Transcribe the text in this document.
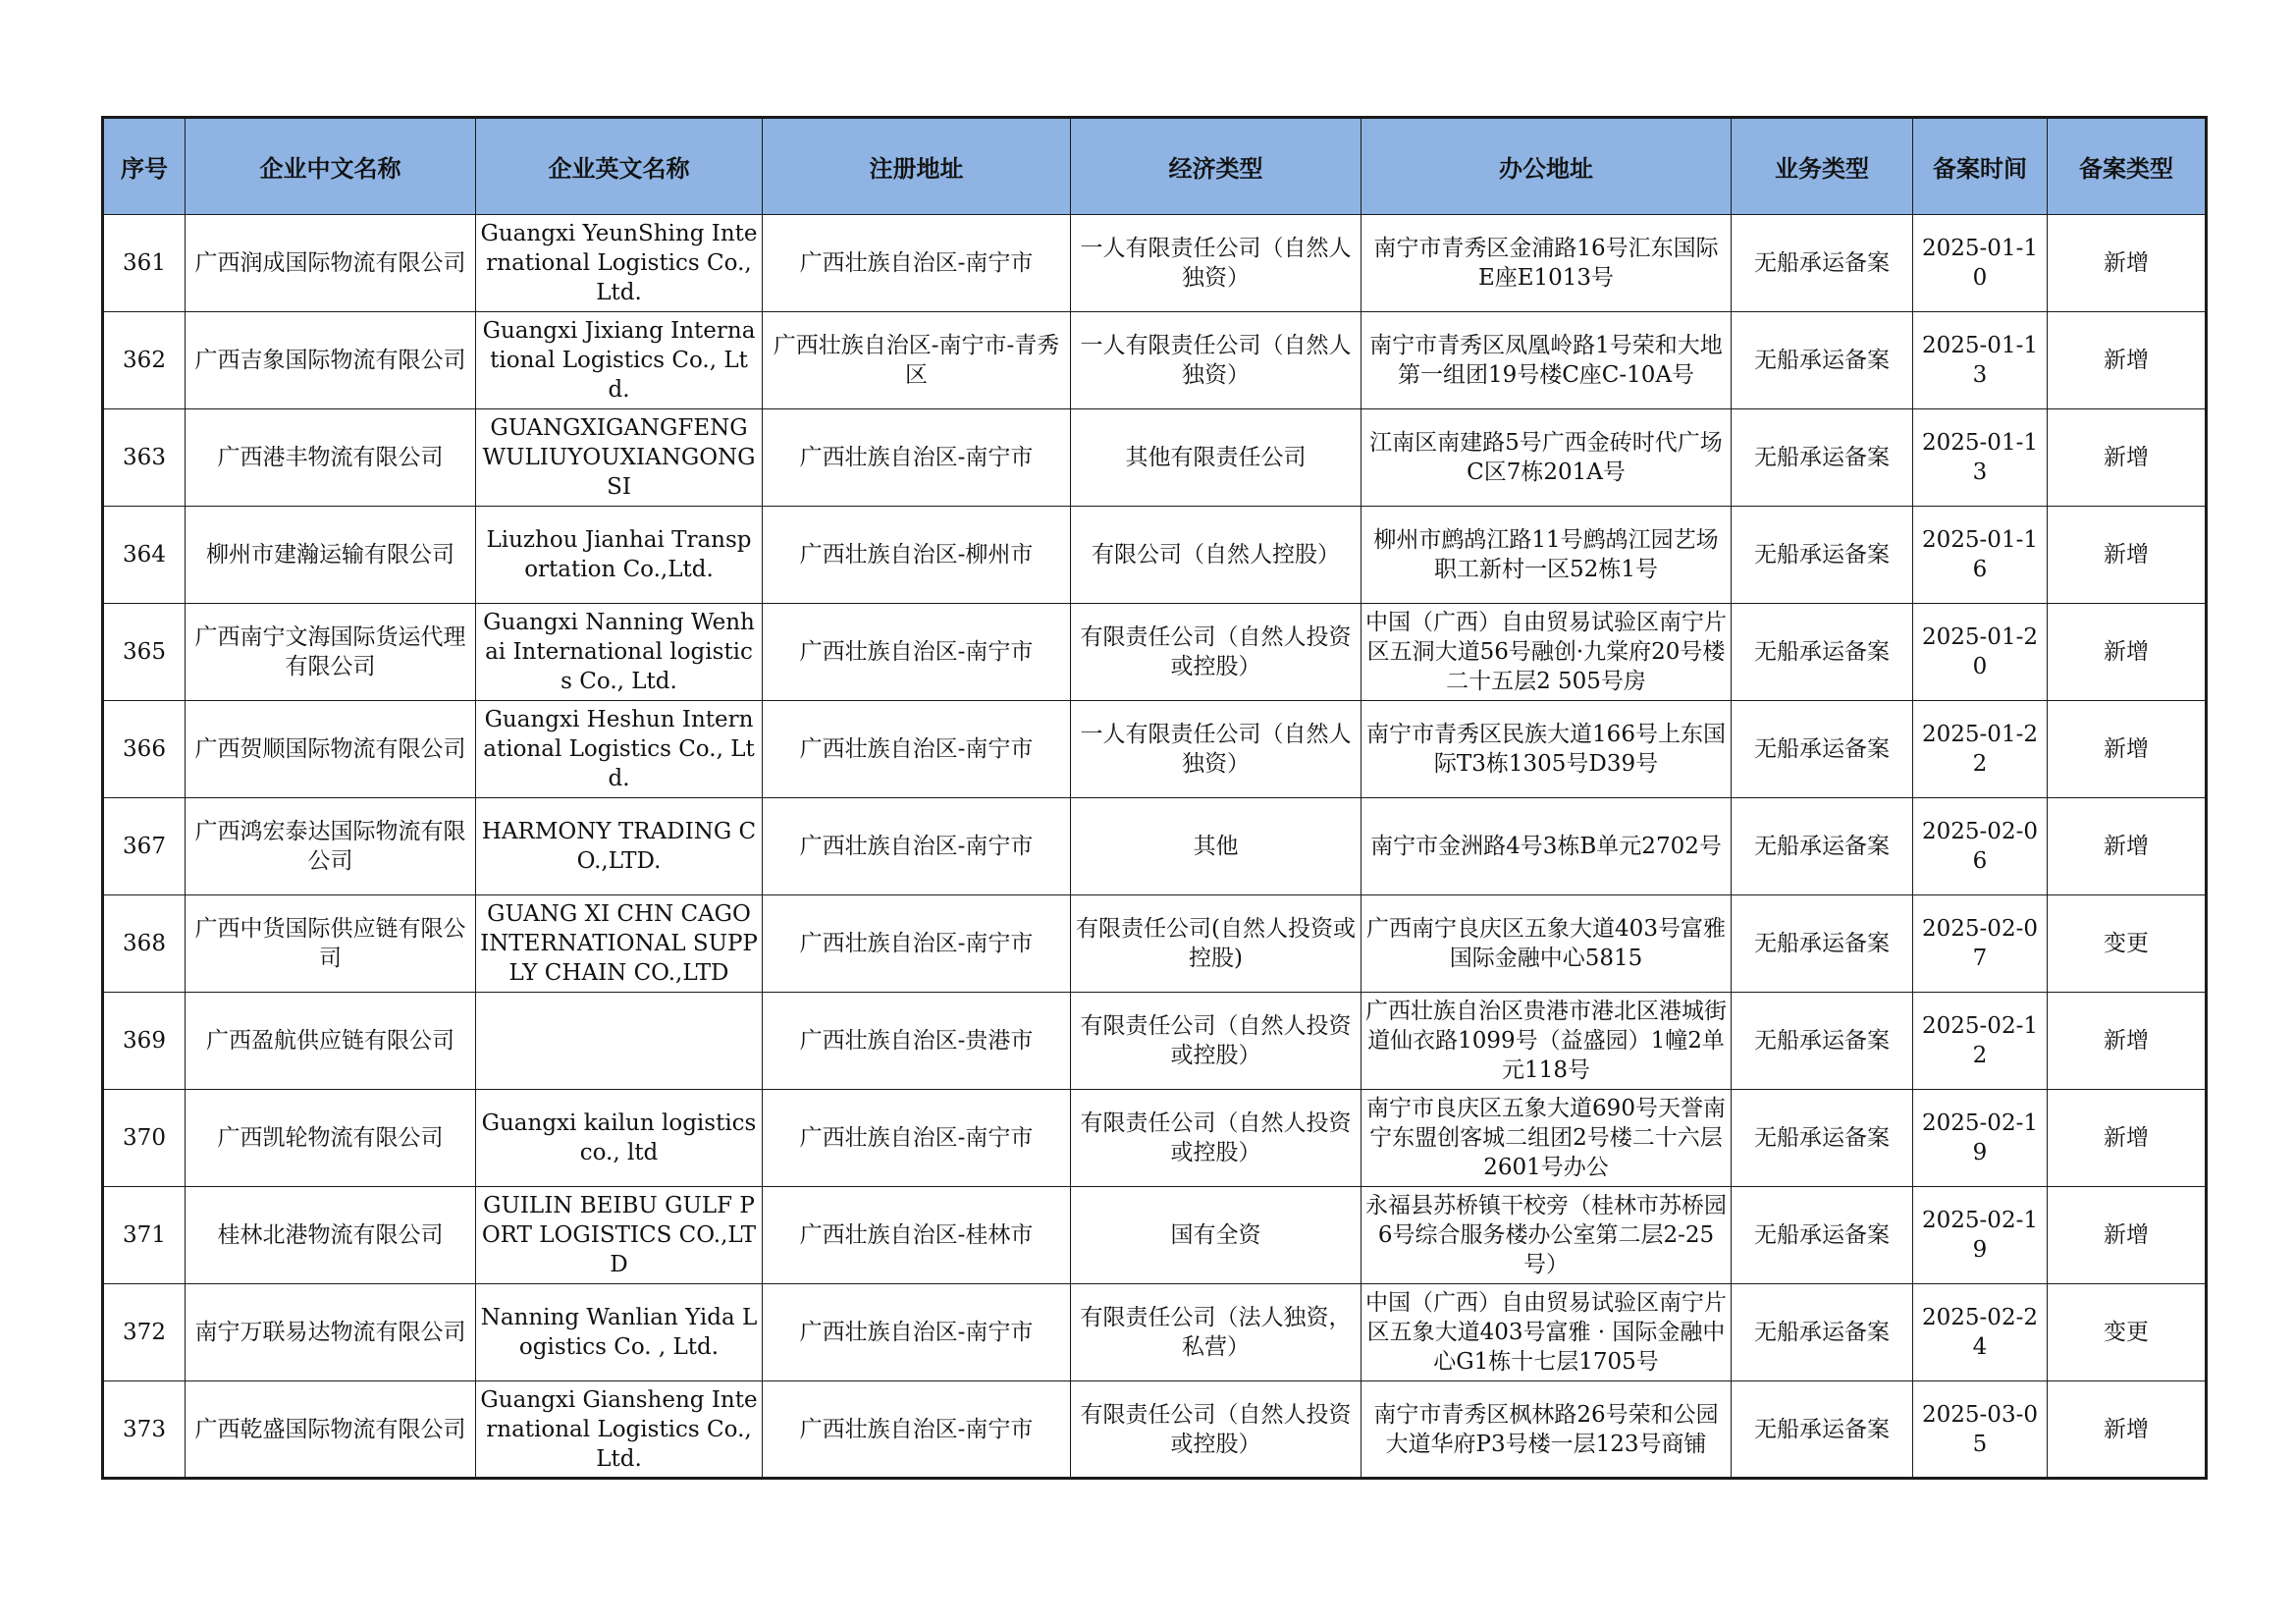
序号	企业中文名称	企业英文名称	注册地址	经济类型	办公地址	业务类型	备案时间	备案类型
361	广西润成国际物流有限公司	Guangxi YeunShing International Logistics Co., Ltd.	广西壮族自治区-南宁市	一人有限责任公司（自然人独资）	南宁市青秀区金浦路16号汇东国际E座E1013号	无船承运备案	2025-01-10	新增
362	广西吉象国际物流有限公司	Guangxi Jixiang International Logistics Co., Ltd.	广西壮族自治区-南宁市-青秀区	一人有限责任公司（自然人独资）	南宁市青秀区凤凰岭路1号荣和大地第一组团19号楼C座C-10A号	无船承运备案	2025-01-13	新增
363	广西港丰物流有限公司	GUANGXIGANGFENGWULIUYOUXIANGONGSI	广西壮族自治区-南宁市	其他有限责任公司	江南区南建路5号广西金砖时代广场C区7栋201A号	无船承运备案	2025-01-13	新增
364	柳州市建瀚运输有限公司	Liuzhou Jianhai Transportation Co.,Ltd.	广西壮族自治区-柳州市	有限公司（自然人控股）	柳州市鹧鸪江路11号鹧鸪江园艺场职工新村一区52栋1号	无船承运备案	2025-01-16	新增
365	广西南宁文海国际货运代理有限公司	Guangxi Nanning Wenhai International logistic s Co., Ltd.	广西壮族自治区-南宁市	有限责任公司（自然人投资或控股）	中国（广西）自由贸易试验区南宁片区五洞大道56号融创·九棠府20号楼二十五层2 505号房	无船承运备案	2025-01-20	新增
366	广西贺顺国际物流有限公司	Guangxi Heshun International Logistics Co., Ltd.	广西壮族自治区-南宁市	一人有限责任公司（自然人独资）	南宁市青秀区民族大道166号上东国际T3栋1305号D39号	无船承运备案	2025-01-22	新增
367	广西鸿宏泰达国际物流有限公司	HARMONY TRADING CO.,LTD.	广西壮族自治区-南宁市	其他	南宁市金洲路4号3栋B单元2702号	无船承运备案	2025-02-06	新增
368	广西中货国际供应链有限公司	GUANG XI CHN CAGO INTERNATIONAL SUPPLY CHAIN CO.,LTD	广西壮族自治区-南宁市	有限责任公司(自然人投资或控股)	广西南宁良庆区五象大道403号富雅国际金融中心5815	无船承运备案	2025-02-07	变更
369	广西盈航供应链有限公司		广西壮族自治区-贵港市	有限责任公司（自然人投资或控股）	广西壮族自治区贵港市港北区港城街道仙衣路1099号（益盛园）1幢2单元118号	无船承运备案	2025-02-12	新增
370	广西凯轮物流有限公司	Guangxi kailun logistics co., ltd	广西壮族自治区-南宁市	有限责任公司（自然人投资或控股）	南宁市良庆区五象大道690号天誉南宁东盟创客城二组团2号楼二十六层2601号办公	无船承运备案	2025-02-19	新增
371	桂林北港物流有限公司	GUILIN BEIBU GULF PORT LOGISTICS CO.,LTD	广西壮族自治区-桂林市	国有全资	永福县苏桥镇干校旁（桂林市苏桥园6号综合服务楼办公室第二层2-25号）	无船承运备案	2025-02-19	新增
372	南宁万联易达物流有限公司	Nanning Wanlian Yida Logistics Co. , Ltd.	广西壮族自治区-南宁市	有限责任公司（法人独资，私营）	中国（广西）自由贸易试验区南宁片区五象大道403号富雅 · 国际金融中心G1栋十七层1705号	无船承运备案	2025-02-24	变更
373	广西乾盛国际物流有限公司	Guangxi Giansheng International Logistics Co., Ltd.	广西壮族自治区-南宁市	有限责任公司（自然人投资或控股）	南宁市青秀区枫林路26号荣和公园大道华府P3号楼一层123号商铺	无船承运备案	2025-03-05	新增
